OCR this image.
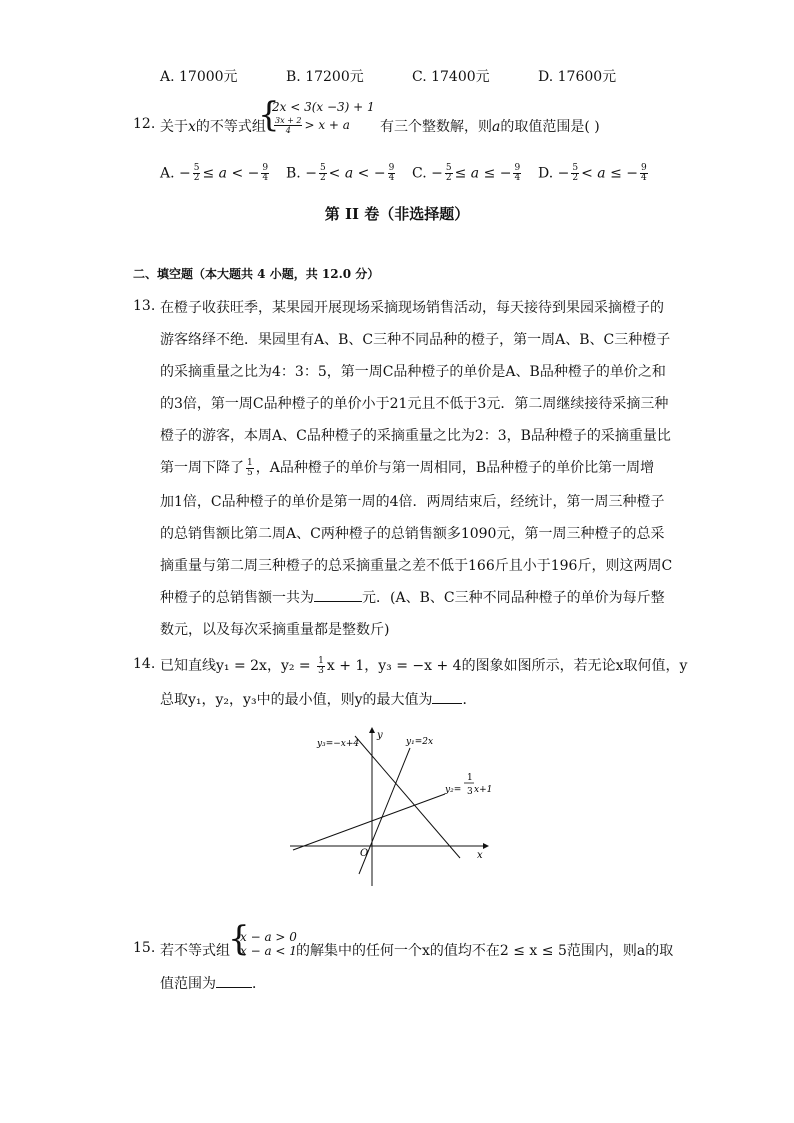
A. 17000元	B. 17200元	C. 17400元	D. 17600元
12. 关于x的不等式组
{
2x < 3(x −3) + 1
$\frac{3x + 2}{4} > x + a$ 有三个整数解，则a的取值范围是( )
A. − $\frac{5}{2} \le a$ < − $\frac{9}{4} B$. − $\frac{5}{2} < a$ < − $\frac{9}{4} C$. − $\frac{5}{2} \le a$ ≤ − $\frac{9}{4} D$. − $\frac{5}{2} < a$ ≤ − $\frac{9}{4}$
第 II 卷（非选择题）
二、填空题（本大题共 4 小题，共 12.0 分）
13. 在橙子收获旺季，某果园开展现场采摘现场销售活动，每天接待到果园采摘橙子的
游客络绎不绝．果园里有A、B、C三种不同品种的橙子，第一周A、B、C三种橙子
的采摘重量之比为4：3：5，第一周C品种橙子的单价是A、B品种橙子的单价之和
的3倍，第一周C品种橙子的单价小于21元且不低于3元．第二周继续接待采摘三种
橙子的游客，本周A、C品种橙子的采摘重量之比为2：3，B品种橙子的采摘重量比
第一周下降了 $\frac{1}{5}$ ，A品种橙子的单价与第一周相同，B品种橙子的单价比第一周增
加1倍，C品种橙子的单价是第一周的4倍．两周结束后，经统计，第一周三种橙子
的总销售额比第二周A、C两种橙子的总销售额多1090元，第一周三种橙子的总采
摘重量与第二周三种橙子的总采摘重量之差不低于166斤且小于196斤，则这两周C
种橙子的总销售额一共为	元．(A、B、C三种不同品种橙子的单价为每斤整
数元，以及每次采摘重量都是整数斤)
14. 已知直线y₁ = 2x，$y_2 = \frac{1}{3}$ x + 1，y₃ = −x + 4的图象如图所示，若无论x取何值，y
总取y₁，y₂，y₃中的最小值，则y的最大值为 ．
y₃=−x+4	y₁=2x
y₂=
1
3 x+1
x
y
O
15. 若不等式组
{
x − a > 0
x − a < 1 的解集中的任何一个x的值均不在2 ≤ x ≤ 5范围内，则a的取
值范围为	．
